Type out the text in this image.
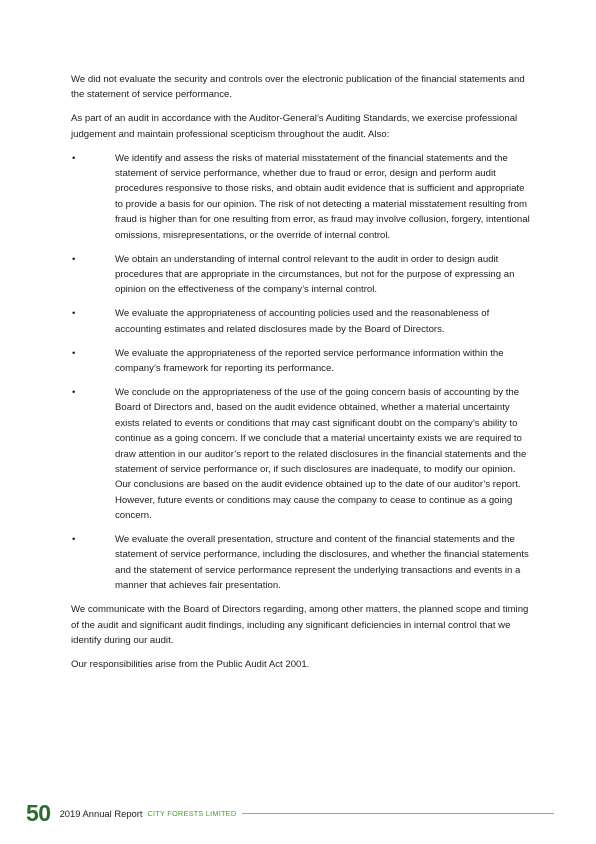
We did not evaluate the security and controls over the electronic publication of the financial statements and the statement of service performance.

As part of an audit in accordance with the Auditor-General’s Auditing Standards, we exercise professional judgement and maintain professional scepticism throughout the audit. Also:

•	We identify and assess the risks of material misstatement of the financial statements and the statement of service performance, whether due to fraud or error, design and perform audit procedures responsive to those risks, and obtain audit evidence that is sufficient and appropriate to provide a basis for our opinion. The risk of not detecting a material misstatement resulting from fraud is higher than for one resulting from error, as fraud may involve collusion, forgery, intentional omissions, misrepresentations, or the override of internal control.
•	We obtain an understanding of internal control relevant to the audit in order to design audit procedures that are appropriate in the circumstances, but not for the purpose of expressing an opinion on the effectiveness of the company’s internal control.
•	We evaluate the appropriateness of accounting policies used and the reasonableness of accounting estimates and related disclosures made by the Board of Directors.
•	We evaluate the appropriateness of the reported service performance information within the company’s framework for reporting its performance.
•	We conclude on the appropriateness of the use of the going concern basis of accounting by the Board of Directors and, based on the audit evidence obtained, whether a material uncertainty exists related to events or conditions that may cast significant doubt on the company’s ability to continue as a going concern. If we conclude that a material uncertainty exists we are required to draw attention in our auditor’s report to the related disclosures in the financial statements and the statement of service performance or, if such disclosures are inadequate, to modify our opinion. Our conclusions are based on the audit evidence obtained up to the date of our auditor’s report. However, future events or conditions may cause the company to cease to continue as a going concern.
•	We evaluate the overall presentation, structure and content of the financial statements and the statement of service performance, including the disclosures, and whether the financial statements and the statement of service performance represent the underlying transactions and events in a manner that achieves fair presentation.

We communicate with the Board of Directors regarding, among other matters, the planned scope and timing of the audit and significant audit findings, including any significant deficiencies in internal control that we identify during our audit.

Our responsibilities arise from the Public Audit Act 2001.

50 2019 Annual Report CITY FORESTS LIMITED
